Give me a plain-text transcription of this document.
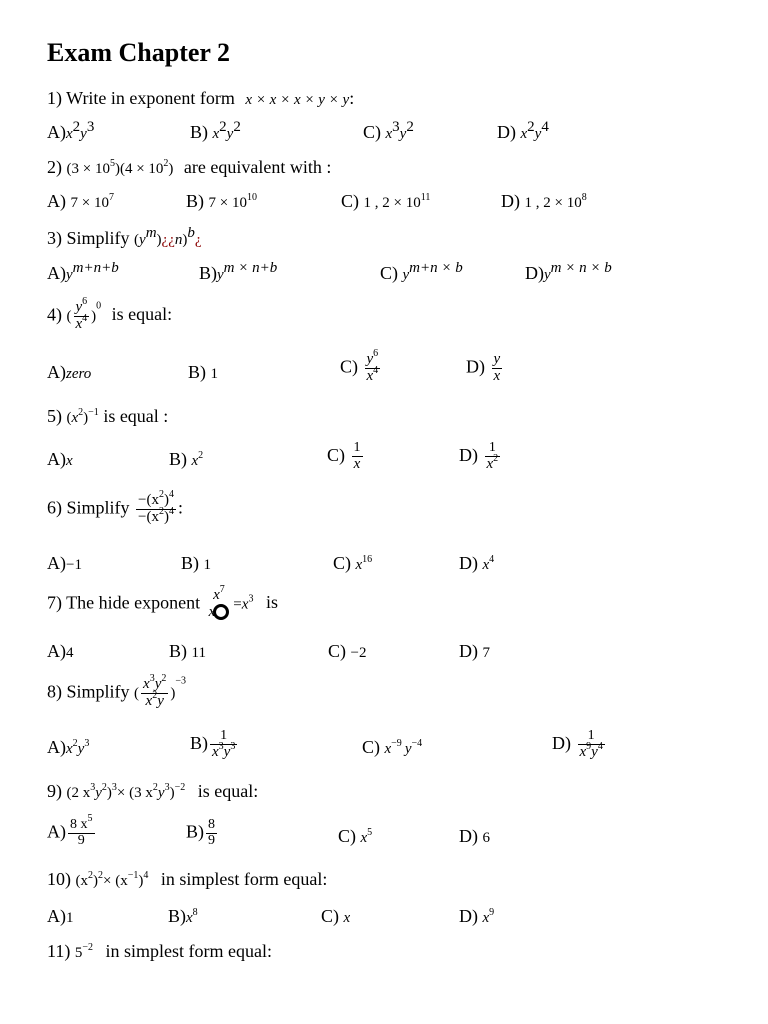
Exam Chapter 2
1) Write in exponent form x × x × x × y × y:
$A)x^2y^3$	B) $x^2y^2$	C) $x^3y^2$	D) $x^2y^4$
2) $(3 \times 10^5)(4 \times 10^2)$ are equivalent with :
A) $7 \times 10^7$	B) $7 \times 10^{10}$	C) 1 , $2 \times 10^{11}$	D) 1 , $2 \times 10^8$
3) Simplify $(y^m)¿¿n)^b¿$
$A)y^{m+n+b}$	$B)y^{m \times n+b}$	C) $y^{m+n \times b}$	$D)y^{m \times n \times b}$
4) ( $\frac{y^6}{x^4} )^0$ is equal:
A)zero	B) 1	$C) \frac{y^6}{x^4}$	$D) \frac{y}{x}$
5) $(x^2)^{-1}$ is equal :
A)x	B) $x^2$	$C) \frac{1}{x}$	$D) \frac{1}{x^2}$
6) Simplify $\frac{-(x^2)^4}{-(x^2)^4}$ :
A)−1	B) 1	C) $x^{16}$	D) $x^4$
7) The hide exponent $x^7$
x	$=x^3$ is
A)4	B) 11	C) −2	D) 7
8) Simplify ( $\frac{x^3y^2}{x^2y} )^{-3}$
$A)x^2y^3$	$B) \frac{1}{x^3y^3}$	C) $x^{-9}$ $y^{-4}$	$D) \frac{1}{x^9y^4}$
9) (2 $x^3y^2)^3\times (3$ $x^2y^3)^{-2}$ is equal:
$A) \frac{8 x^5}{9}$	$B) \frac{8}{9}$	C) $x^5$	D) 6
10) $(x^2)^2\times (x^{-1})^4$ in simplest form equal:
A)1	$B)x^8$	C) x	D) $x^9$
11) $5^{-2}$ in simplest form equal:
